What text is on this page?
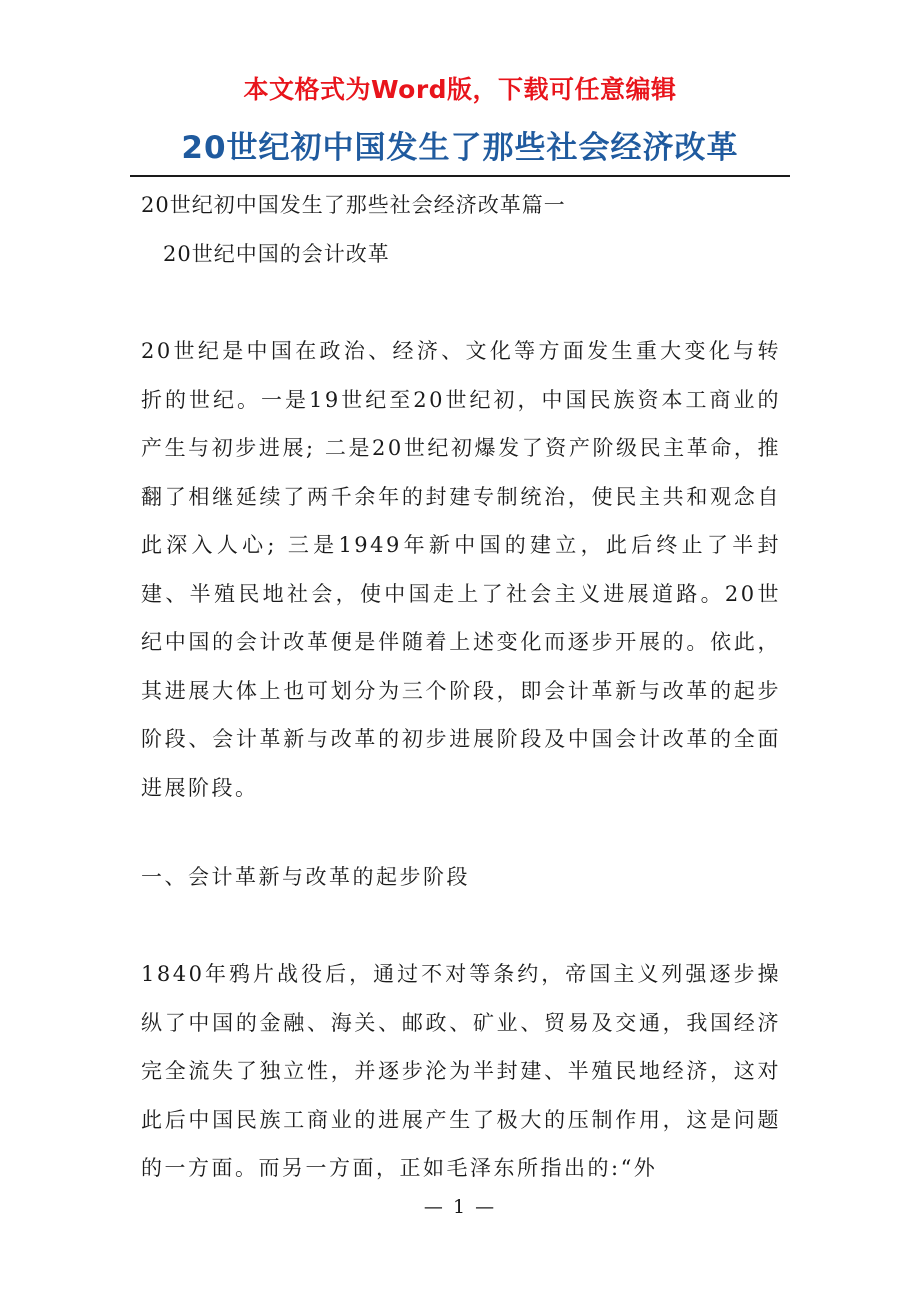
本文格式为Word版，下载可任意编辑
20世纪初中国发生了那些社会经济改革
20世纪初中国发生了那些社会经济改革篇一
20世纪中国的会计改革

20世纪是中国在政治、经济、文化等方面发生重大变化与转折的世纪。一是19世纪至20世纪初，中国民族资本工商业的产生与初步进展; 二是20世纪初爆发了资产阶级民主革命，推翻了相继延续了两千余年的封建专制统治，使民主共和观念自此深入人心; 三是1949年新中国的建立，此后终止了半封建、半殖民地社会，使中国走上了社会主义进展道路。20世纪中国的会计改革便是伴随着上述变化而逐步开展的。依此，其进展大体上也可划分为三个阶段，即会计革新与改革的起步阶段、会计革新与改革的初步进展阶段及中国会计改革的全面进展阶段。

一、会计革新与改革的起步阶段

1840年鸦片战役后，通过不对等条约，帝国主义列强逐步操纵了中国的金融、海关、邮政、矿业、贸易及交通，我国经济完全流失了独立性，并逐步沦为半封建、半殖民地经济，这对此后中国民族工商业的进展产生了极大的压制作用，这是问题的一方面。而另一方面，正如毛泽东所指出的:“外

— 1 —
